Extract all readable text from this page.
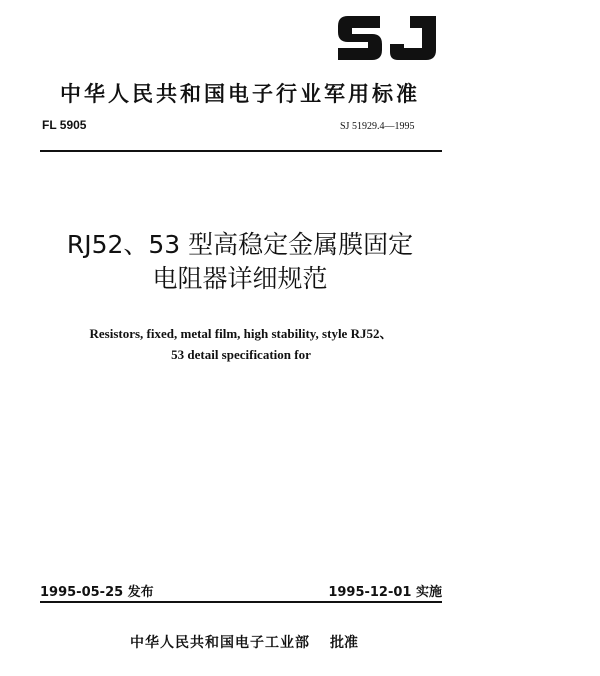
中华人民共和国电子行业军用标准
FL 5905	SJ 51929.4—1995
RJ52、53 型高稳定金属膜固定
电阻器详细规范
Resistors, fixed, metal film, high stability, style RJ52、
53 detail specification for
1995-05-25 发布	1995-12-01 实施
中华人民共和国电子工业部 批准
